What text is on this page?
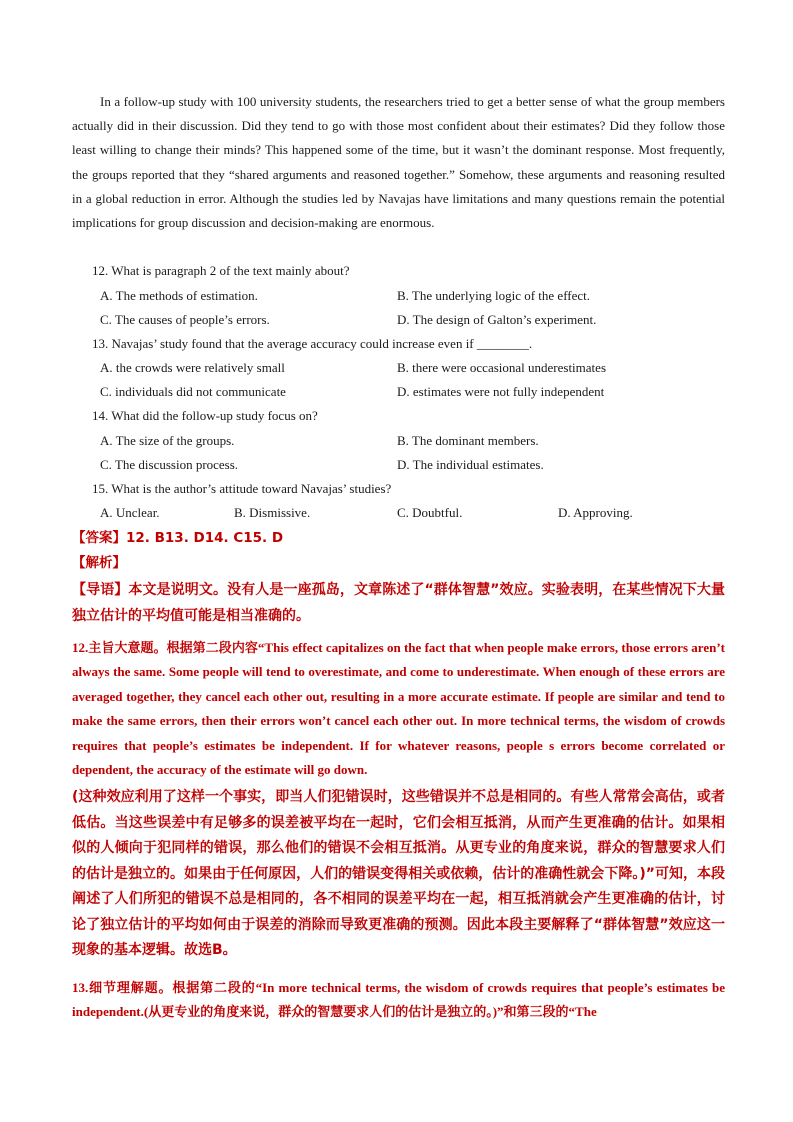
In a follow-up study with 100 university students, the researchers tried to get a better sense of what the group members actually did in their discussion. Did they tend to go with those most confident about their estimates? Did they follow those least willing to change their minds? This happened some of the time, but it wasn’t the dominant response. Most frequently, the groups reported that they “shared arguments and reasoned together.” Somehow, these arguments and reasoning resulted in a global reduction in error. Although the studies led by Navajas have limitations and many questions remain the potential implications for group discussion and decision-making are enormous.

12. What is paragraph 2 of the text mainly about?

A. The methods of estimation.	B. The underlying logic of the effect.
C. The causes of people’s errors.	D. The design of Galton’s experiment.

13. Navajas’ study found that the average accuracy could increase even if ________.

A. the crowds were relatively small	B. there were occasional underestimates
C. individuals did not communicate	D. estimates were not fully independent

14. What did the follow-up study focus on?

A. The size of the groups.	B. The dominant members.
C. The discussion process.	D. The individual estimates.

15. What is the author’s attitude toward Navajas’ studies?

A. Unclear.	B. Dismissive.	C. Doubtful.	D. Approving.

【答案】12. B13. D14. C15. D

【解析】

【导语】本文是说明文。没有人是一座孤岛，文章陈述了“群体智慧”效应。实验表明，在某些情况下大量独立估计的平均值可能是相当准确的。

12.主旨大意题。根据第二段内容“This effect capitalizes on the fact that when people make errors, those errors aren’t always the same. Some people will tend to overestimate, and come to underestimate. When enough of these errors are averaged together, they cancel each other out, resulting in a more accurate estimate. If people are similar and tend to make the same errors, then their errors won’t cancel each other out. In more technical terms, the wisdom of crowds requires that people’s estimates be independent. If for whatever reasons, people s errors become correlated or dependent, the accuracy of the estimate will go down.

(这种效应利用了这样一个事实，即当人们犯错误时，这些错误并不总是相同的。有些人常常会高估，或者低估。当这些误差中有足够多的误差被平均在一起时，它们会相互抵消，从而产生更准确的估计。如果相似的人倾向于犯同样的错误，那么他们的错误不会相互抵消。从更专业的角度来说，群众的智慧要求人们的估计是独立的。如果由于任何原因，人们的错误变得相关或依赖，估计的准确性就会下降。)”可知，本段阐述了人们所犯的错误不总是相同的，各不相同的误差平均在一起，相互抵消就会产生更准确的估计，讨论了独立估计的平均如何由于误差的消除而导致更准确的预测。因此本段主要解释了“群体智慧”效应这一现象的基本逻辑。故选B。

13.细节理解题。根据第二段的“In more technical terms, the wisdom of crowds requires that people’s estimates be independent.(从更专业的角度来说，群众的智慧要求人们的估计是独立的。)”和第三段的“The
